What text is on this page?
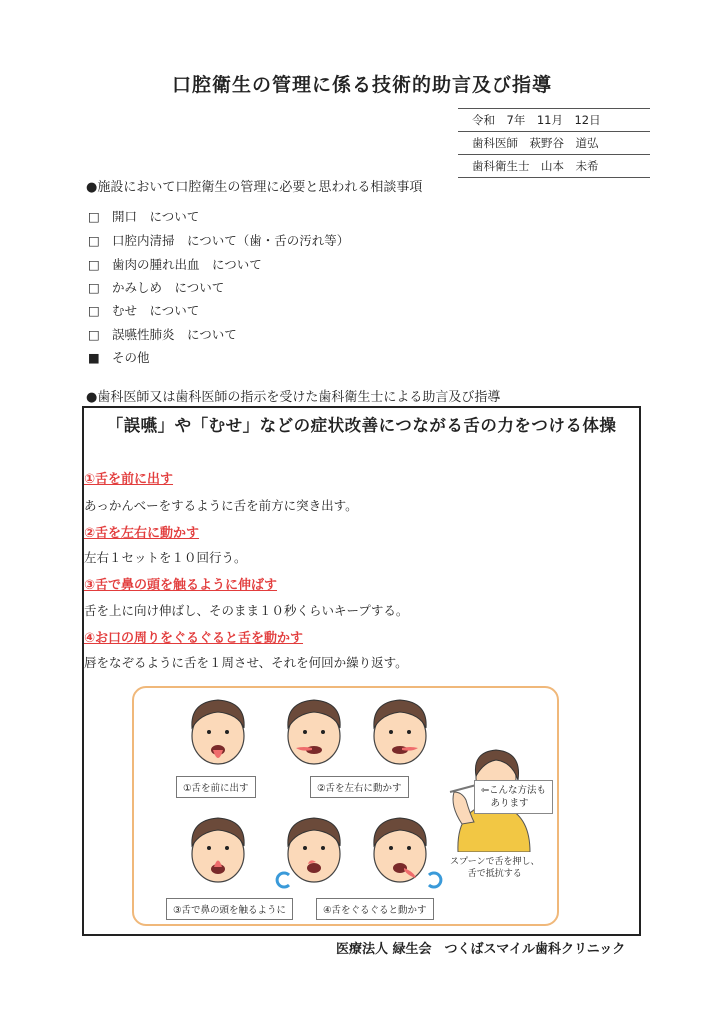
口腔衛生の管理に係る技術的助言及び指導
令和　7年　11月　12日
歯科医師　萩野谷　道弘
歯科衛生士　山本　未希
●施設において口腔衛生の管理に必要と思われる相談事項
□ 開口　について
□ 口腔内清掃　について（歯・舌の汚れ等）
□ 歯肉の腫れ出血　について
□ かみしめ　について
□ むせ　について
□ 誤嚥性肺炎　について
■ その他
●歯科医師又は歯科医師の指示を受けた歯科衛生士による助言及び指導
「誤嚥」や「むせ」などの症状改善につながる舌の力をつける体操
①舌を前に出す
あっかんべーをするように舌を前方に突き出す。
②舌を左右に動かす
左右１セットを１０回行う。
③舌で鼻の頭を触るように伸ばす
舌を上に向け伸ばし、そのまま１０秒くらいキープする。
④お口の周りをぐるぐると舌を動かす
唇をなぞるように舌を１周させ、それを何回か繰り返す。
①舌を前に出す	②舌を左右に動かす
③舌で鼻の頭を触るように	④舌をぐるぐると動かす
⇦こんな方法も
　あります
スプーンで舌を押し、
舌で抵抗する
医療法人 緑生会　つくばスマイル歯科クリニック
